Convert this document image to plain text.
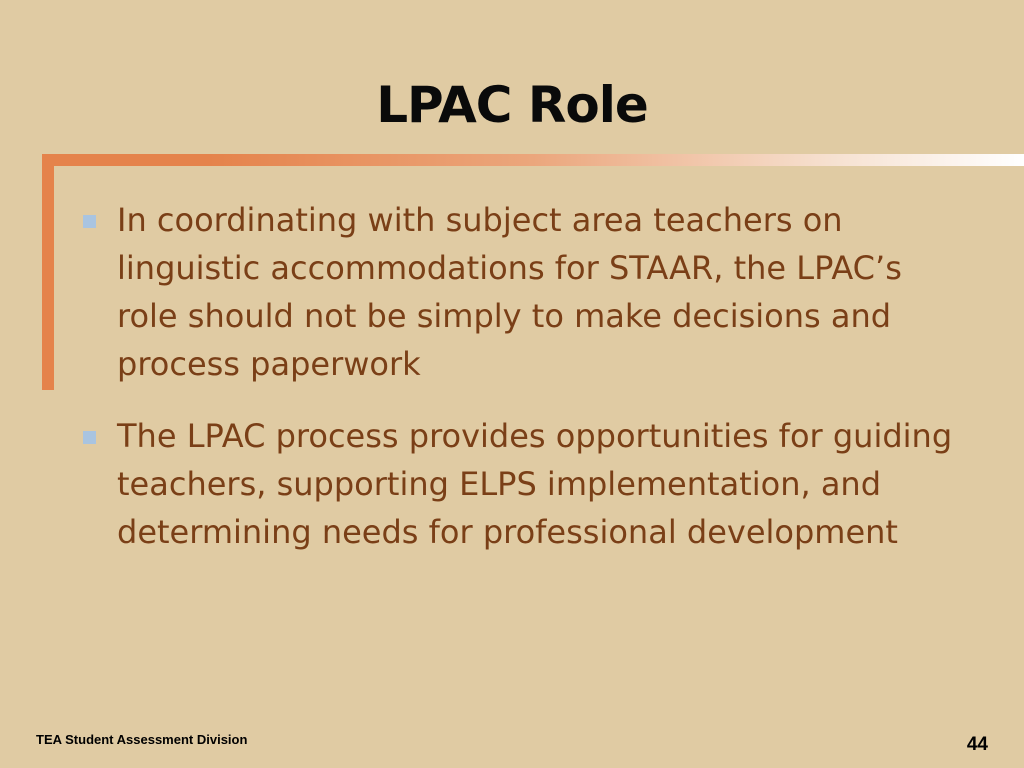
LPAC Role
In coordinating with subject area teachers on linguistic accommodations for STAAR, the LPAC’s role should not be simply to make decisions and process paperwork
The LPAC process provides opportunities for guiding teachers, supporting ELPS implementation, and determining needs for professional development
TEA Student Assessment Division	44
